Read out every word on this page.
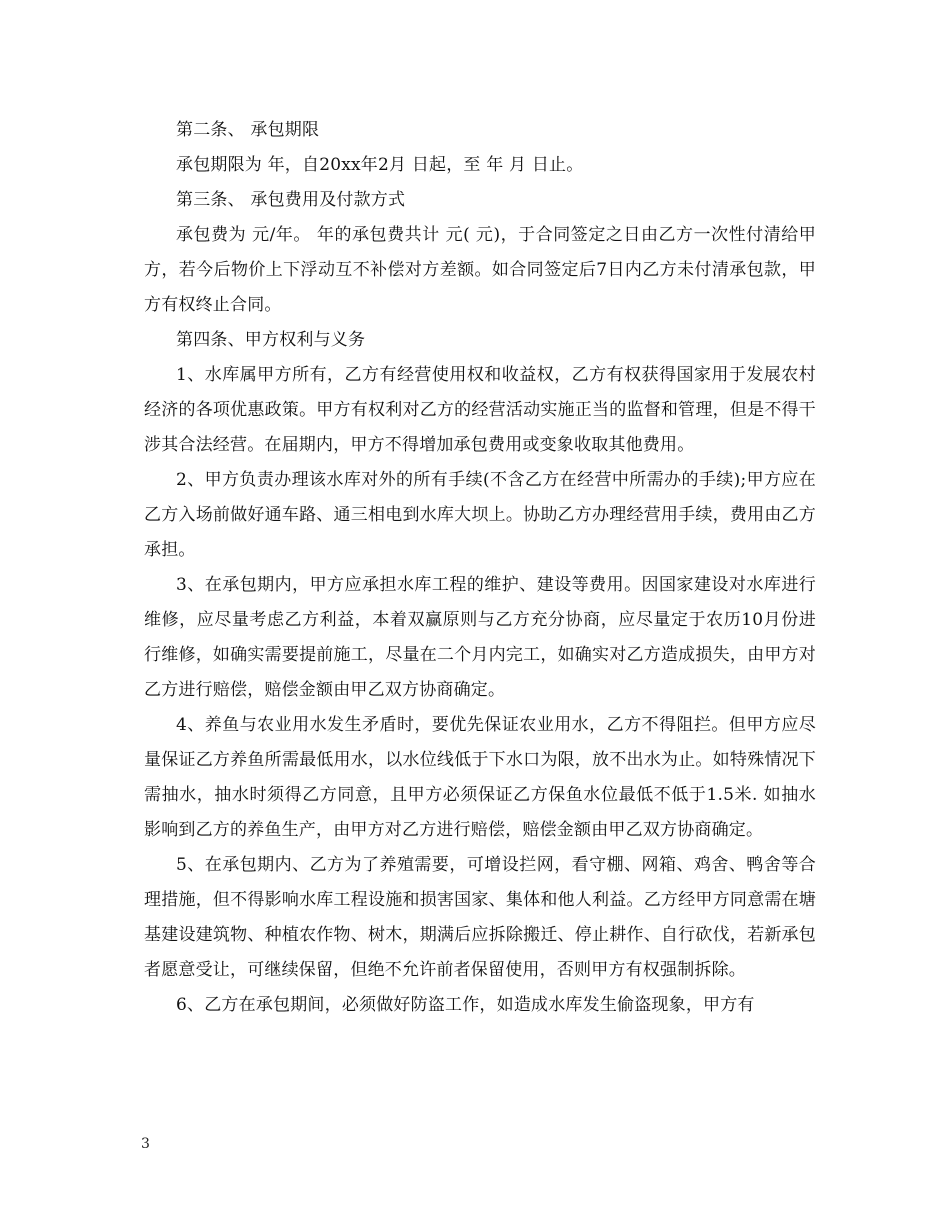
第二条、 承包期限

承包期限为 年，自20xx年2月 日起，至 年 月 日止。

第三条、 承包费用及付款方式

承包费为 元/年。 年的承包费共计 元( 元)，于合同签定之日由乙方一次性付清给甲方，若今后物价上下浮动互不补偿对方差额。如合同签定后7日内乙方未付清承包款，甲方有权终止合同。

第四条、甲方权利与义务

1、水库属甲方所有，乙方有经营使用权和收益权，乙方有权获得国家用于发展农村经济的各项优惠政策。甲方有权利对乙方的经营活动实施正当的监督和管理，但是不得干涉其合法经营。在届期内，甲方不得增加承包费用或变象收取其他费用。

2、甲方负责办理该水库对外的所有手续(不含乙方在经营中所需办的手续);甲方应在乙方入场前做好通车路、通三相电到水库大坝上。协助乙方办理经营用手续，费用由乙方承担。

3、在承包期内，甲方应承担水库工程的维护、建设等费用。因国家建设对水库进行维修，应尽量考虑乙方利益，本着双赢原则与乙方充分协商，应尽量定于农历10月份进行维修，如确实需要提前施工，尽量在二个月内完工，如确实对乙方造成损失，由甲方对乙方进行赔偿，赔偿金额由甲乙双方协商确定。

4、养鱼与农业用水发生矛盾时，要优先保证农业用水，乙方不得阻拦。但甲方应尽量保证乙方养鱼所需最低用水，以水位线低于下水口为限，放不出水为止。如特殊情况下需抽水，抽水时须得乙方同意，且甲方必须保证乙方保鱼水位最低不低于1.5米. 如抽水影响到乙方的养鱼生产，由甲方对乙方进行赔偿，赔偿金额由甲乙双方协商确定。

5、在承包期内、乙方为了养殖需要，可增设拦网，看守棚、网箱、鸡舍、鸭舍等合理措施，但不得影响水库工程设施和损害国家、集体和他人利益。乙方经甲方同意需在塘基建设建筑物、种植农作物、树木，期满后应拆除搬迁、停止耕作、自行砍伐，若新承包者愿意受让，可继续保留，但绝不允许前者保留使用，否则甲方有权强制拆除。

6、乙方在承包期间，必须做好防盗工作，如造成水库发生偷盗现象，甲方有

3
